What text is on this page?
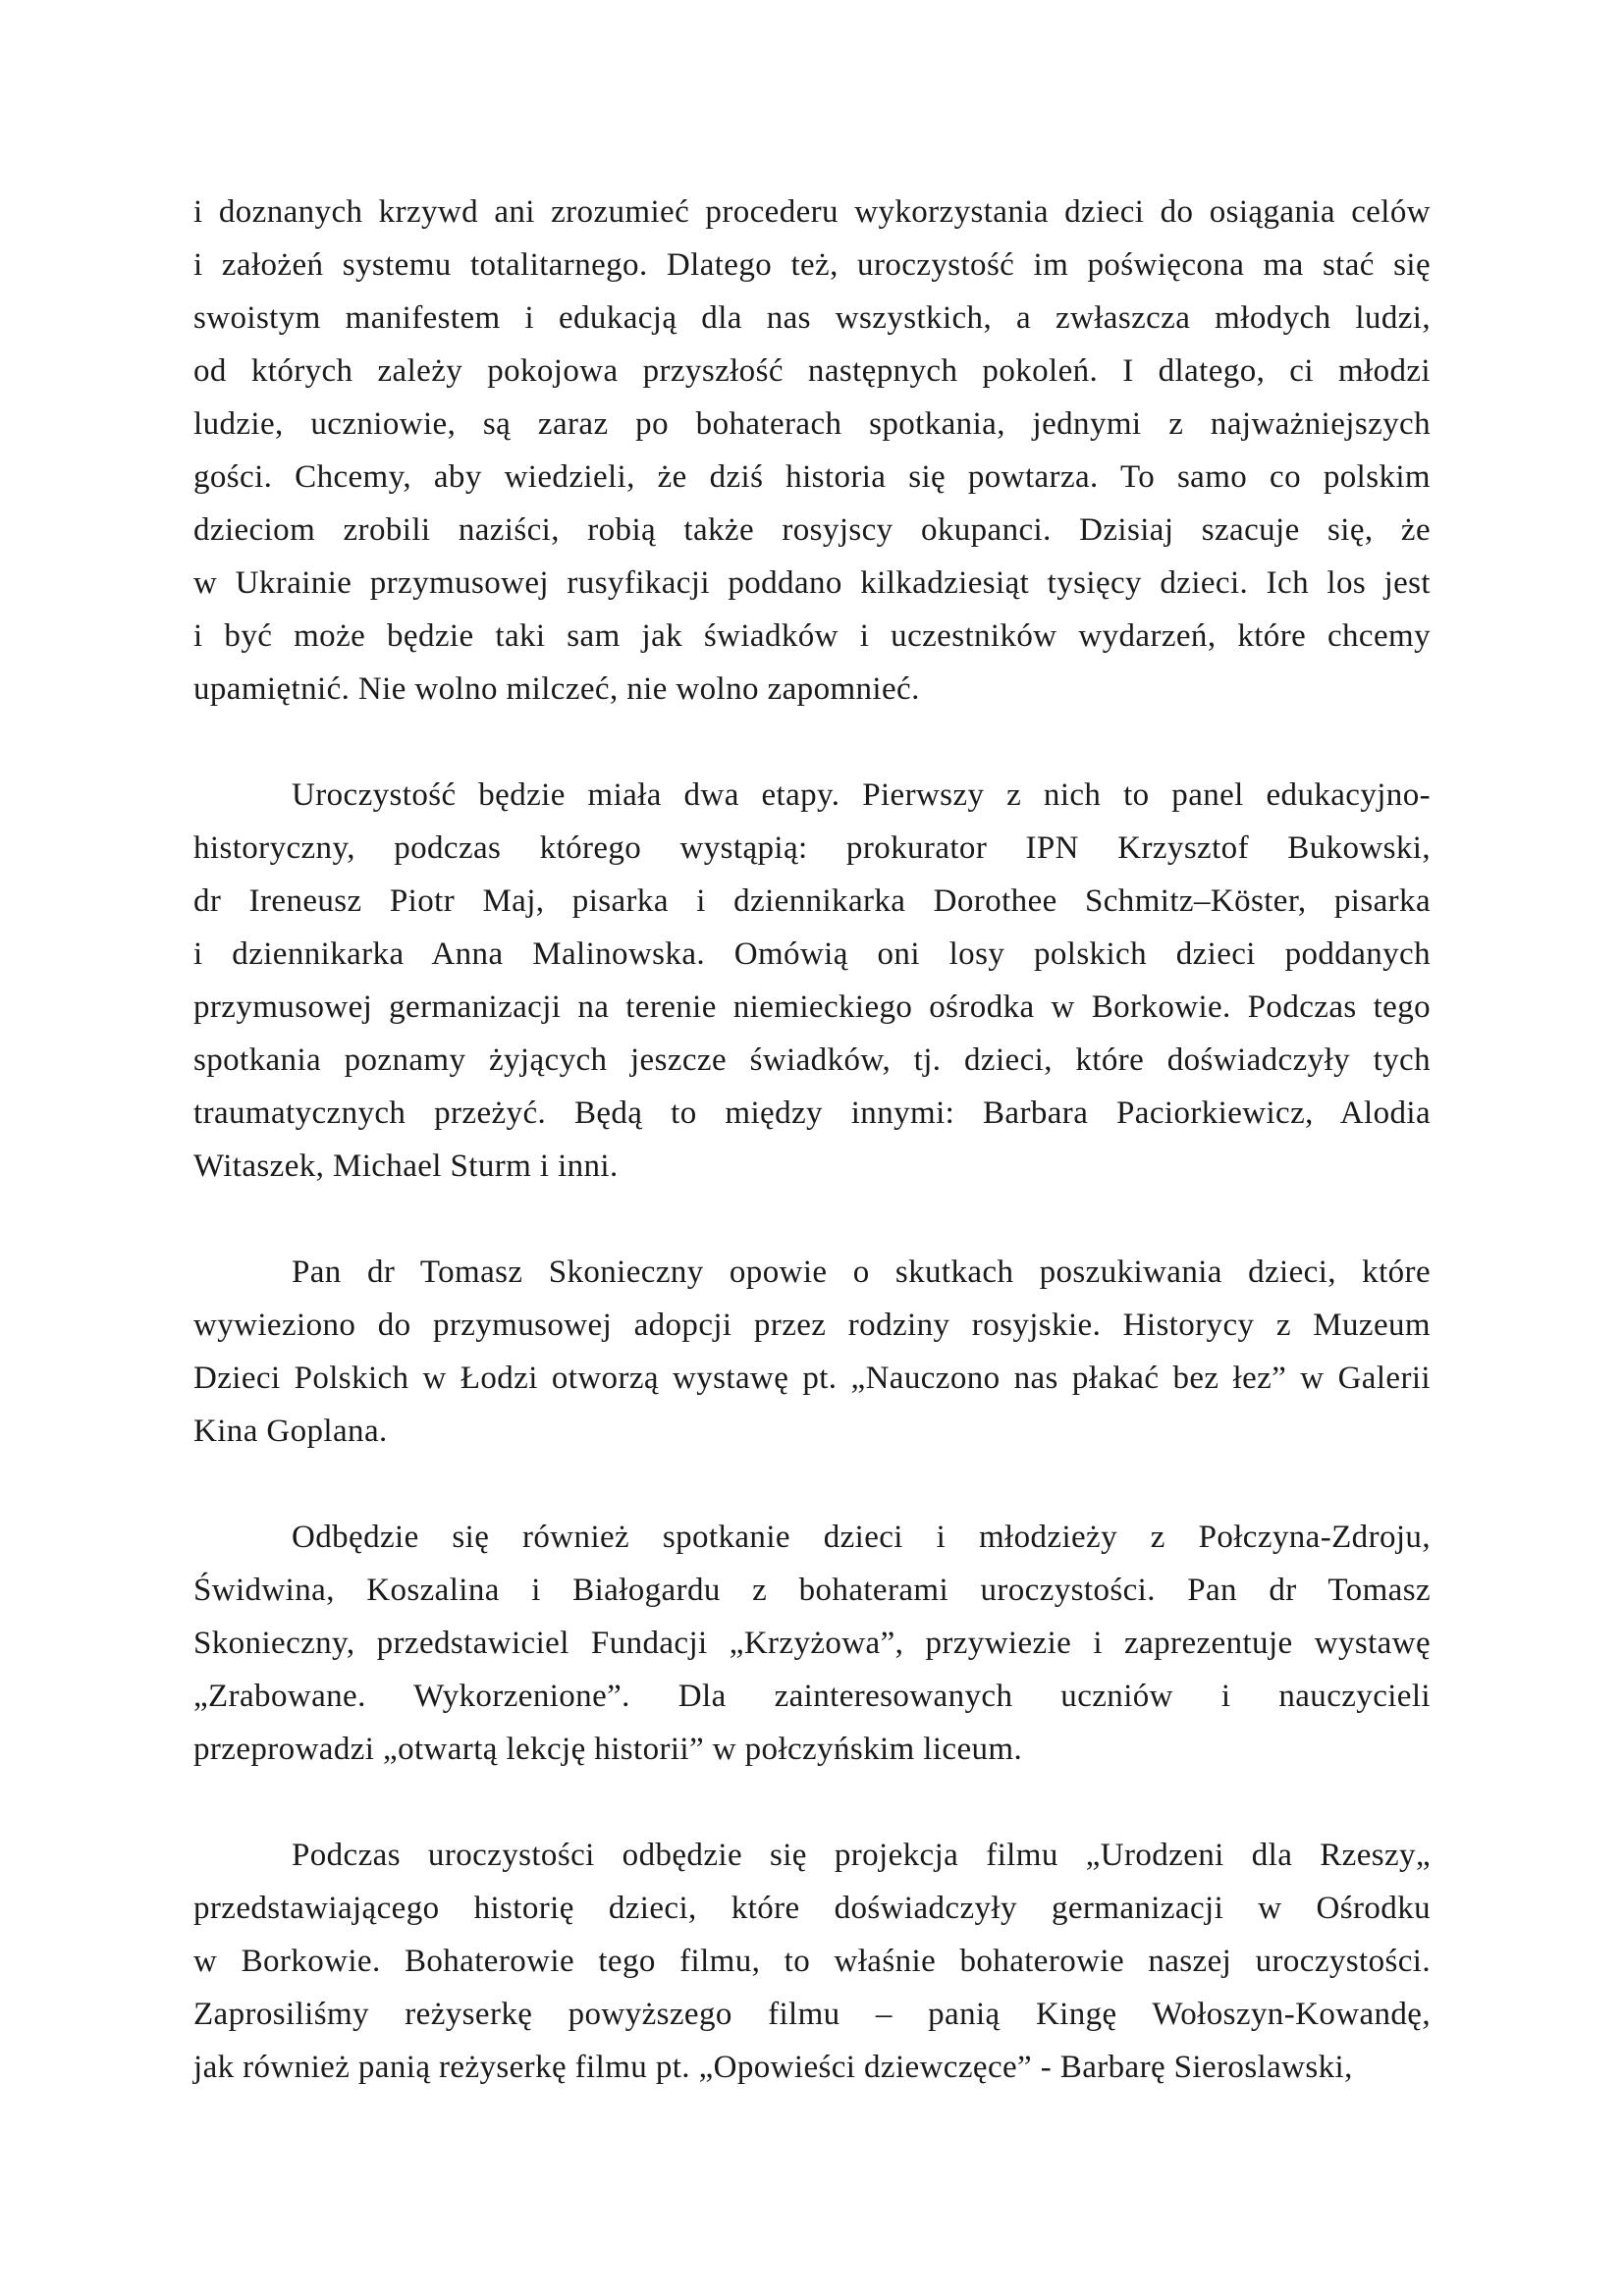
i doznanych krzywd ani zrozumieć procederu wykorzystania dzieci do osiągania celów
i założeń systemu totalitarnego. Dlatego też, uroczystość im poświęcona ma stać się
swoistym manifestem i edukacją dla nas wszystkich, a zwłaszcza młodych ludzi,
od których zależy pokojowa przyszłość następnych pokoleń. I dlatego, ci młodzi
ludzie, uczniowie, są zaraz po bohaterach spotkania, jednymi z najważniejszych
gości. Chcemy, aby wiedzieli, że dziś historia się powtarza. To samo co polskim
dzieciom zrobili naziści, robią także rosyjscy okupanci. Dzisiaj szacuje się, że
w Ukrainie przymusowej rusyfikacji poddano kilkadziesiąt tysięcy dzieci. Ich los jest
i być może będzie taki sam jak świadków i uczestników wydarzeń, które chcemy
upamiętnić. Nie wolno milczeć, nie wolno zapomnieć.
Uroczystość będzie miała dwa etapy. Pierwszy z nich to panel edukacyjno-
historyczny, podczas którego wystąpią: prokurator IPN Krzysztof Bukowski,
dr Ireneusz Piotr Maj, pisarka i dziennikarka Dorothee Schmitz–Köster, pisarka
i dziennikarka Anna Malinowska. Omówią oni losy polskich dzieci poddanych
przymusowej germanizacji na terenie niemieckiego ośrodka w Borkowie. Podczas tego
spotkania poznamy żyjących jeszcze świadków, tj. dzieci, które doświadczyły tych
traumatycznych przeżyć. Będą to między innymi: Barbara Paciorkiewicz, Alodia
Witaszek, Michael Sturm i inni.
Pan dr Tomasz Skonieczny opowie o skutkach poszukiwania dzieci, które
wywieziono do przymusowej adopcji przez rodziny rosyjskie. Historycy z Muzeum
Dzieci Polskich w Łodzi otworzą wystawę pt. „Nauczono nas płakać bez łez” w Galerii
Kina Goplana.
Odbędzie się również spotkanie dzieci i młodzieży z Połczyna-Zdroju,
Świdwina, Koszalina i Białogardu z bohaterami uroczystości. Pan dr Tomasz
Skonieczny, przedstawiciel Fundacji „Krzyżowa”, przywiezie i zaprezentuje wystawę
„Zrabowane. Wykorzenione”. Dla zainteresowanych uczniów i nauczycieli
przeprowadzi „otwartą lekcję historii” w połczyńskim liceum.
Podczas uroczystości odbędzie się projekcja filmu „Urodzeni dla Rzeszy„
przedstawiającego historię dzieci, które doświadczyły germanizacji w Ośrodku
w Borkowie. Bohaterowie tego filmu, to właśnie bohaterowie naszej uroczystości.
Zaprosiliśmy reżyserkę powyższego filmu – panią Kingę Wołoszyn-Kowandę,
jak również panią reżyserkę filmu pt. „Opowieści dziewczęce” - Barbarę Sieroslawski,
